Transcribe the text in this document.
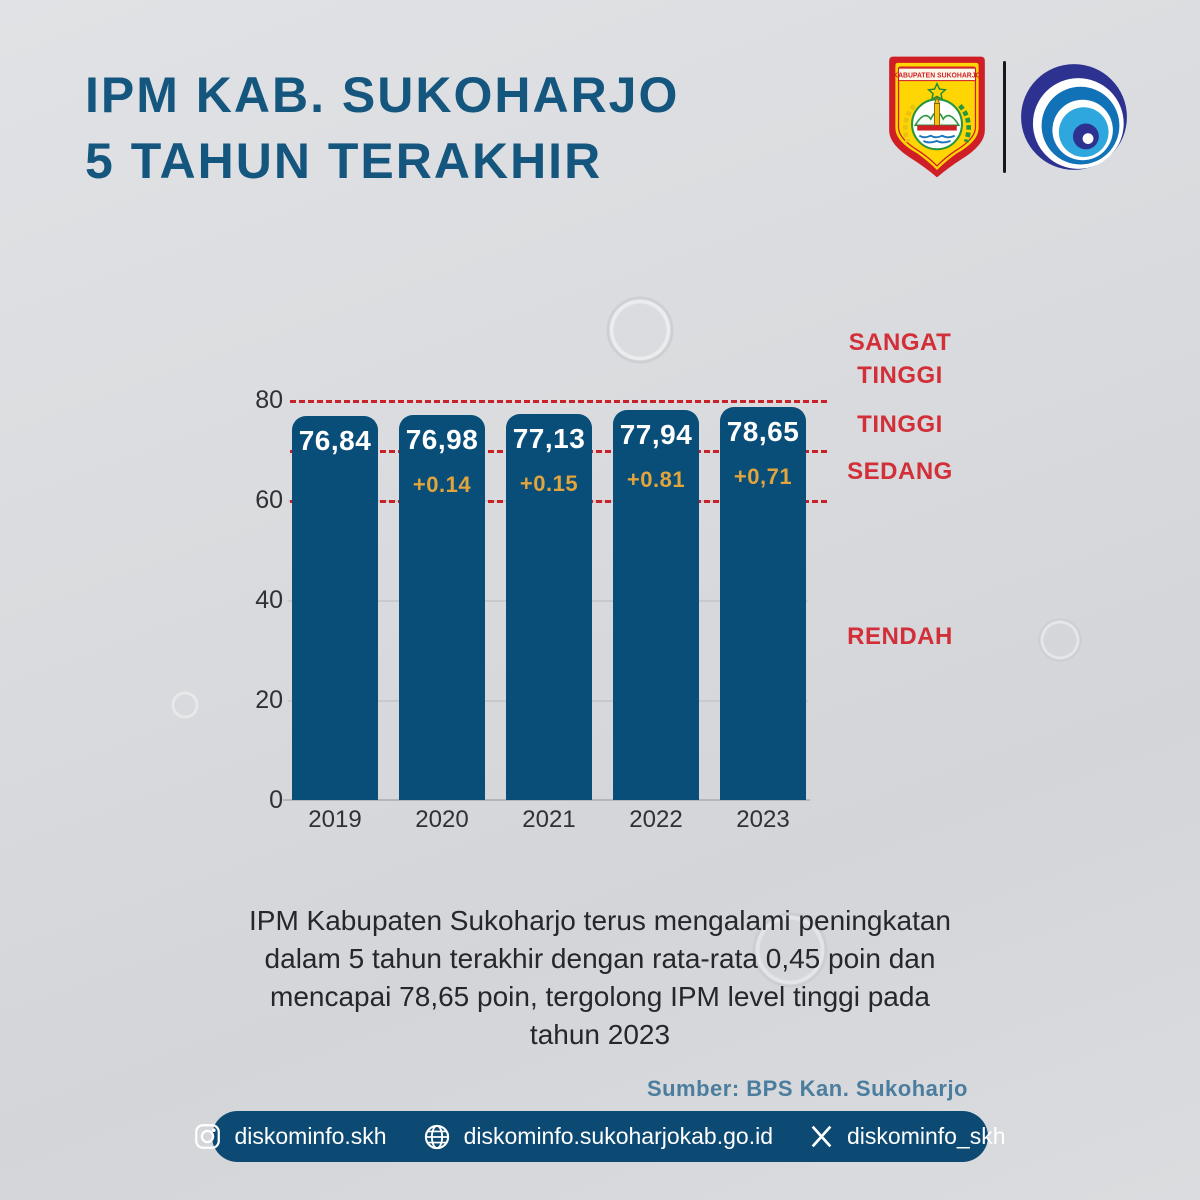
IPM KAB. SUKOHARJO
5 TAHUN TERAKHIR
KABUPATEN SUKOHARJO
80
60
40
20
0
76,84 76,98
+0.14
77,13
+0.15
77,94
+0.81
78,65
+0,71
2019	2020	2021	2022	2023
SANGAT TINGGI
TINGGI
SEDANG
RENDAH
IPM Kabupaten Sukoharjo terus mengalami peningkatan
dalam 5 tahun terakhir dengan rata-rata 0,45 poin dan
mencapai 78,65 poin, tergolong IPM level tinggi pada
tahun 2023
Sumber: BPS Kan. Sukoharjo
diskominfo.skh	diskominfo.sukoharjokab.go.id	diskominfo_skh
